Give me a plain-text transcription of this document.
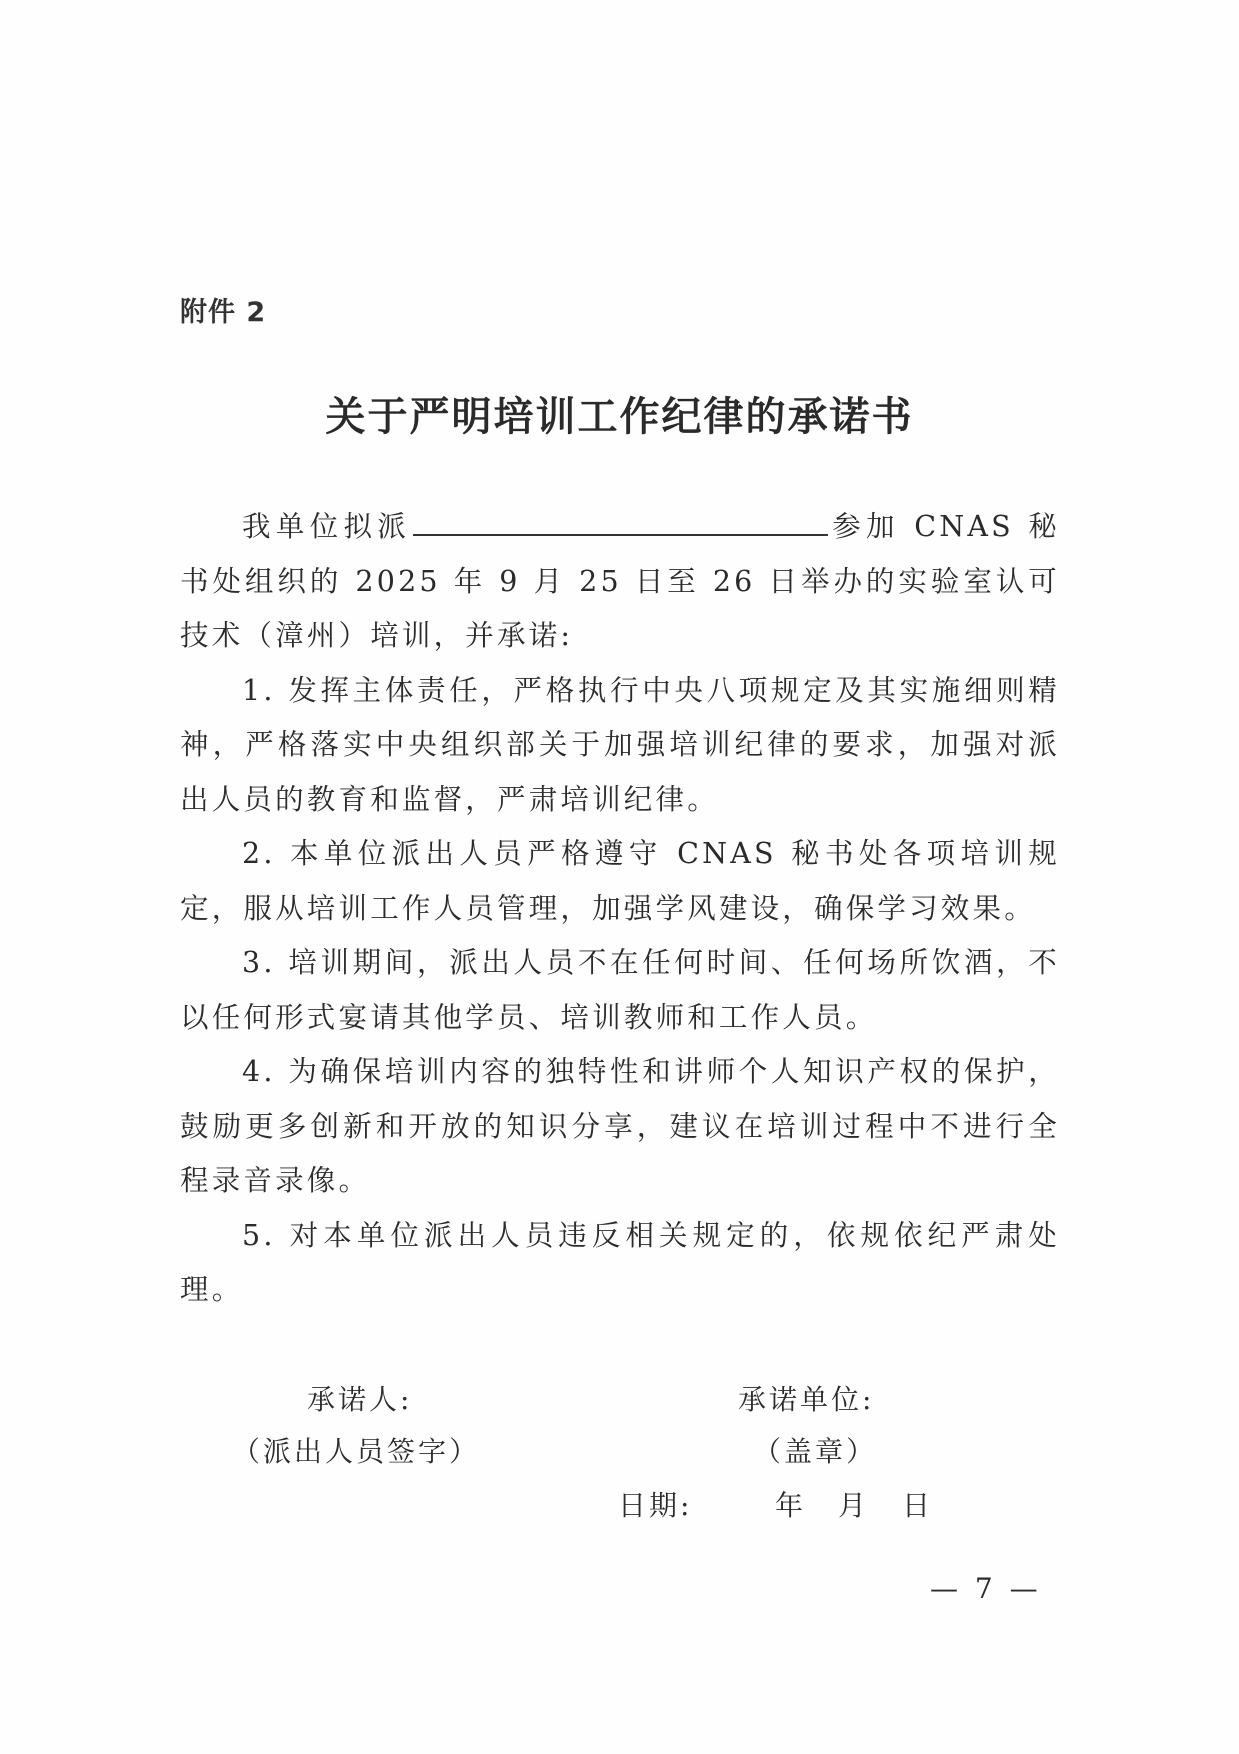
附件 2
关于严明培训工作纪律的承诺书

我单位拟派	参加 CNAS 秘书处组织的 2025 年 9 月 25 日至 26 日举办的实验室认可技术（漳州）培训，并承诺:

1. 发挥主体责任，严格执行中央八项规定及其实施细则精神，严格落实中央组织部关于加强培训纪律的要求，加强对派出人员的教育和监督，严肃培训纪律。

2. 本单位派出人员严格遵守 CNAS 秘书处各项培训规定，服从培训工作人员管理，加强学风建设，确保学习效果。

3. 培训期间，派出人员不在任何时间、任何场所饮酒，不以任何形式宴请其他学员、培训教师和工作人员。

4. 为确保培训内容的独特性和讲师个人知识产权的保护，鼓励更多创新和开放的知识分享，建议在培训过程中不进行全程录音录像。

5. 对本单位派出人员违反相关规定的，依规依纪严肃处理。

承诺人:
（派出人员签字）
承诺单位:
（盖章）
日期:	年 月 日
— 7 —
